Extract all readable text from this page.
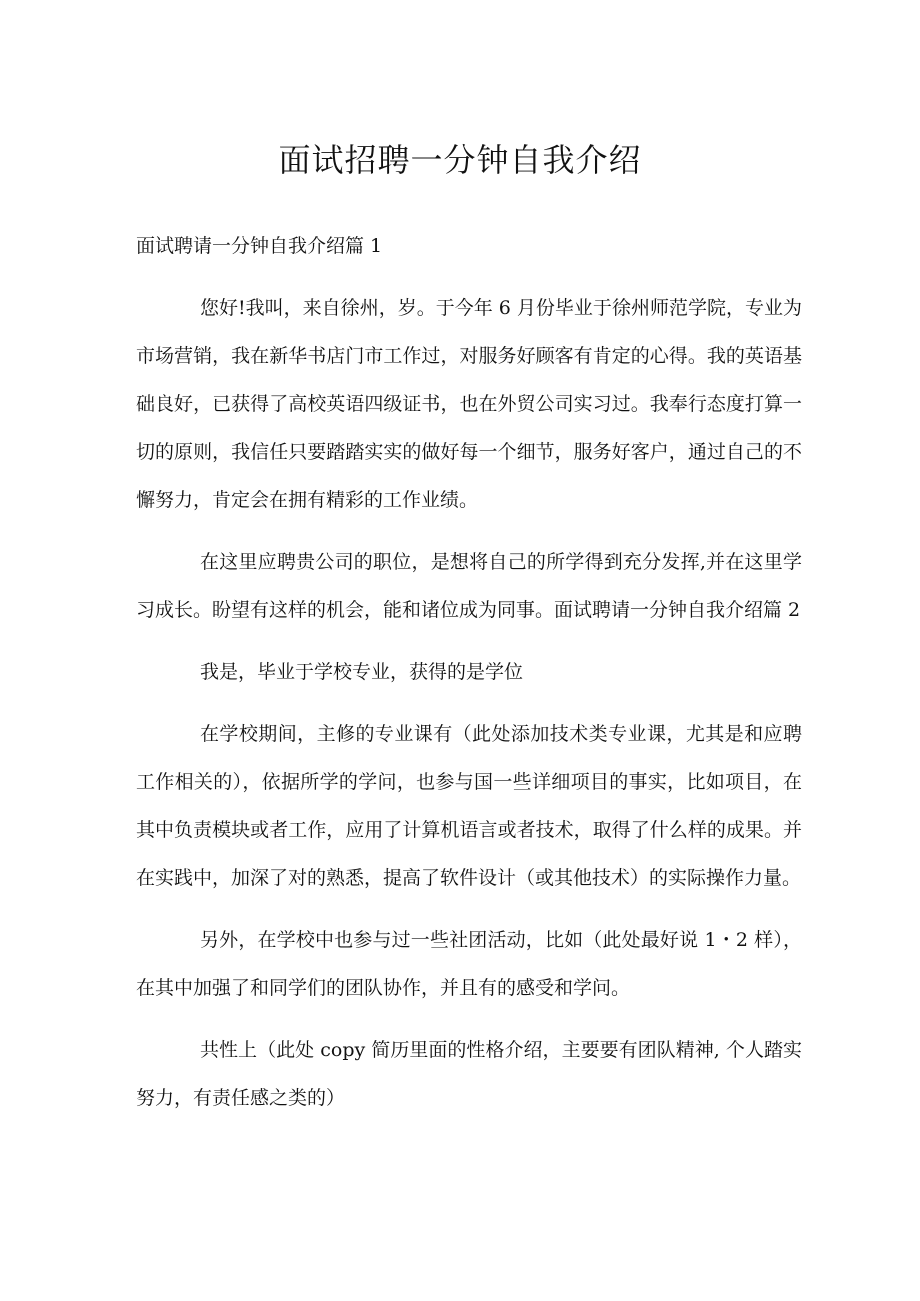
面试招聘一分钟自我介绍

面试聘请一分钟自我介绍篇 1

您好!我叫，来自徐州，岁。于今年 6 月份毕业于徐州师范学院，专业为市场营销，我在新华书店门市工作过，对服务好顾客有肯定的心得。我的英语基础良好，已获得了高校英语四级证书，也在外贸公司实习过。我奉行态度打算一切的原则，我信任只要踏踏实实的做好每一个细节，服务好客户，通过自己的不懈努力，肯定会在拥有精彩的工作业绩。

在这里应聘贵公司的职位，是想将自己的所学得到充分发挥,并在这里学习成长。盼望有这样的机会，能和诸位成为同事。面试聘请一分钟自我介绍篇 2

我是，毕业于学校专业，获得的是学位

在学校期间，主修的专业课有（此处添加技术类专业课，尤其是和应聘工作相关的），依据所学的学问，也参与国一些详细项目的事实，比如项目，在其中负责模块或者工作，应用了计算机语言或者技术，取得了什么样的成果。并在实践中，加深了对的熟悉，提高了软件设计（或其他技术）的实际操作力量。

另外，在学校中也参与过一些社团活动，比如（此处最好说 1・2 样），在其中加强了和同学们的团队协作，并且有的感受和学问。

共性上（此处 copy 简历里面的性格介绍，主要要有团队精神, 个人踏实努力，有责任感之类的）
